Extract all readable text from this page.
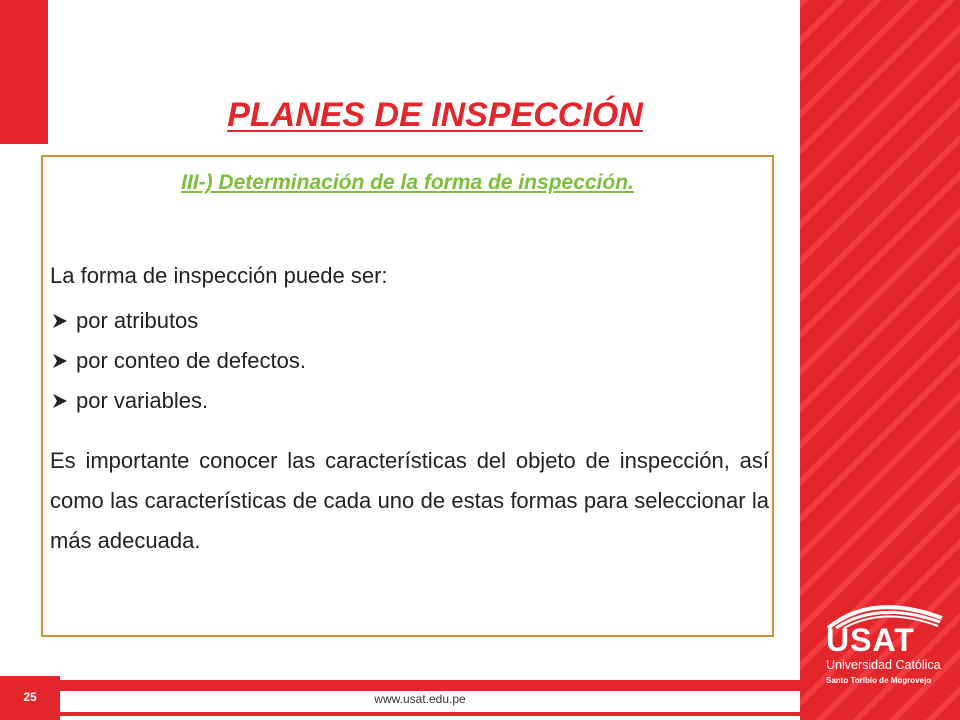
USAT
Universidad Católica
Santo Toribio de Mogrovejo
PLANES DE INSPECCIÓN
III-) Determinación de la forma de inspección.
La forma de inspección puede ser:
por atributos
por conteo de defectos.
por variables.

Es importante conocer las características del objeto de inspección, así como las características de cada uno de estas formas para seleccionar la más adecuada.

25	www.usat.edu.pe
